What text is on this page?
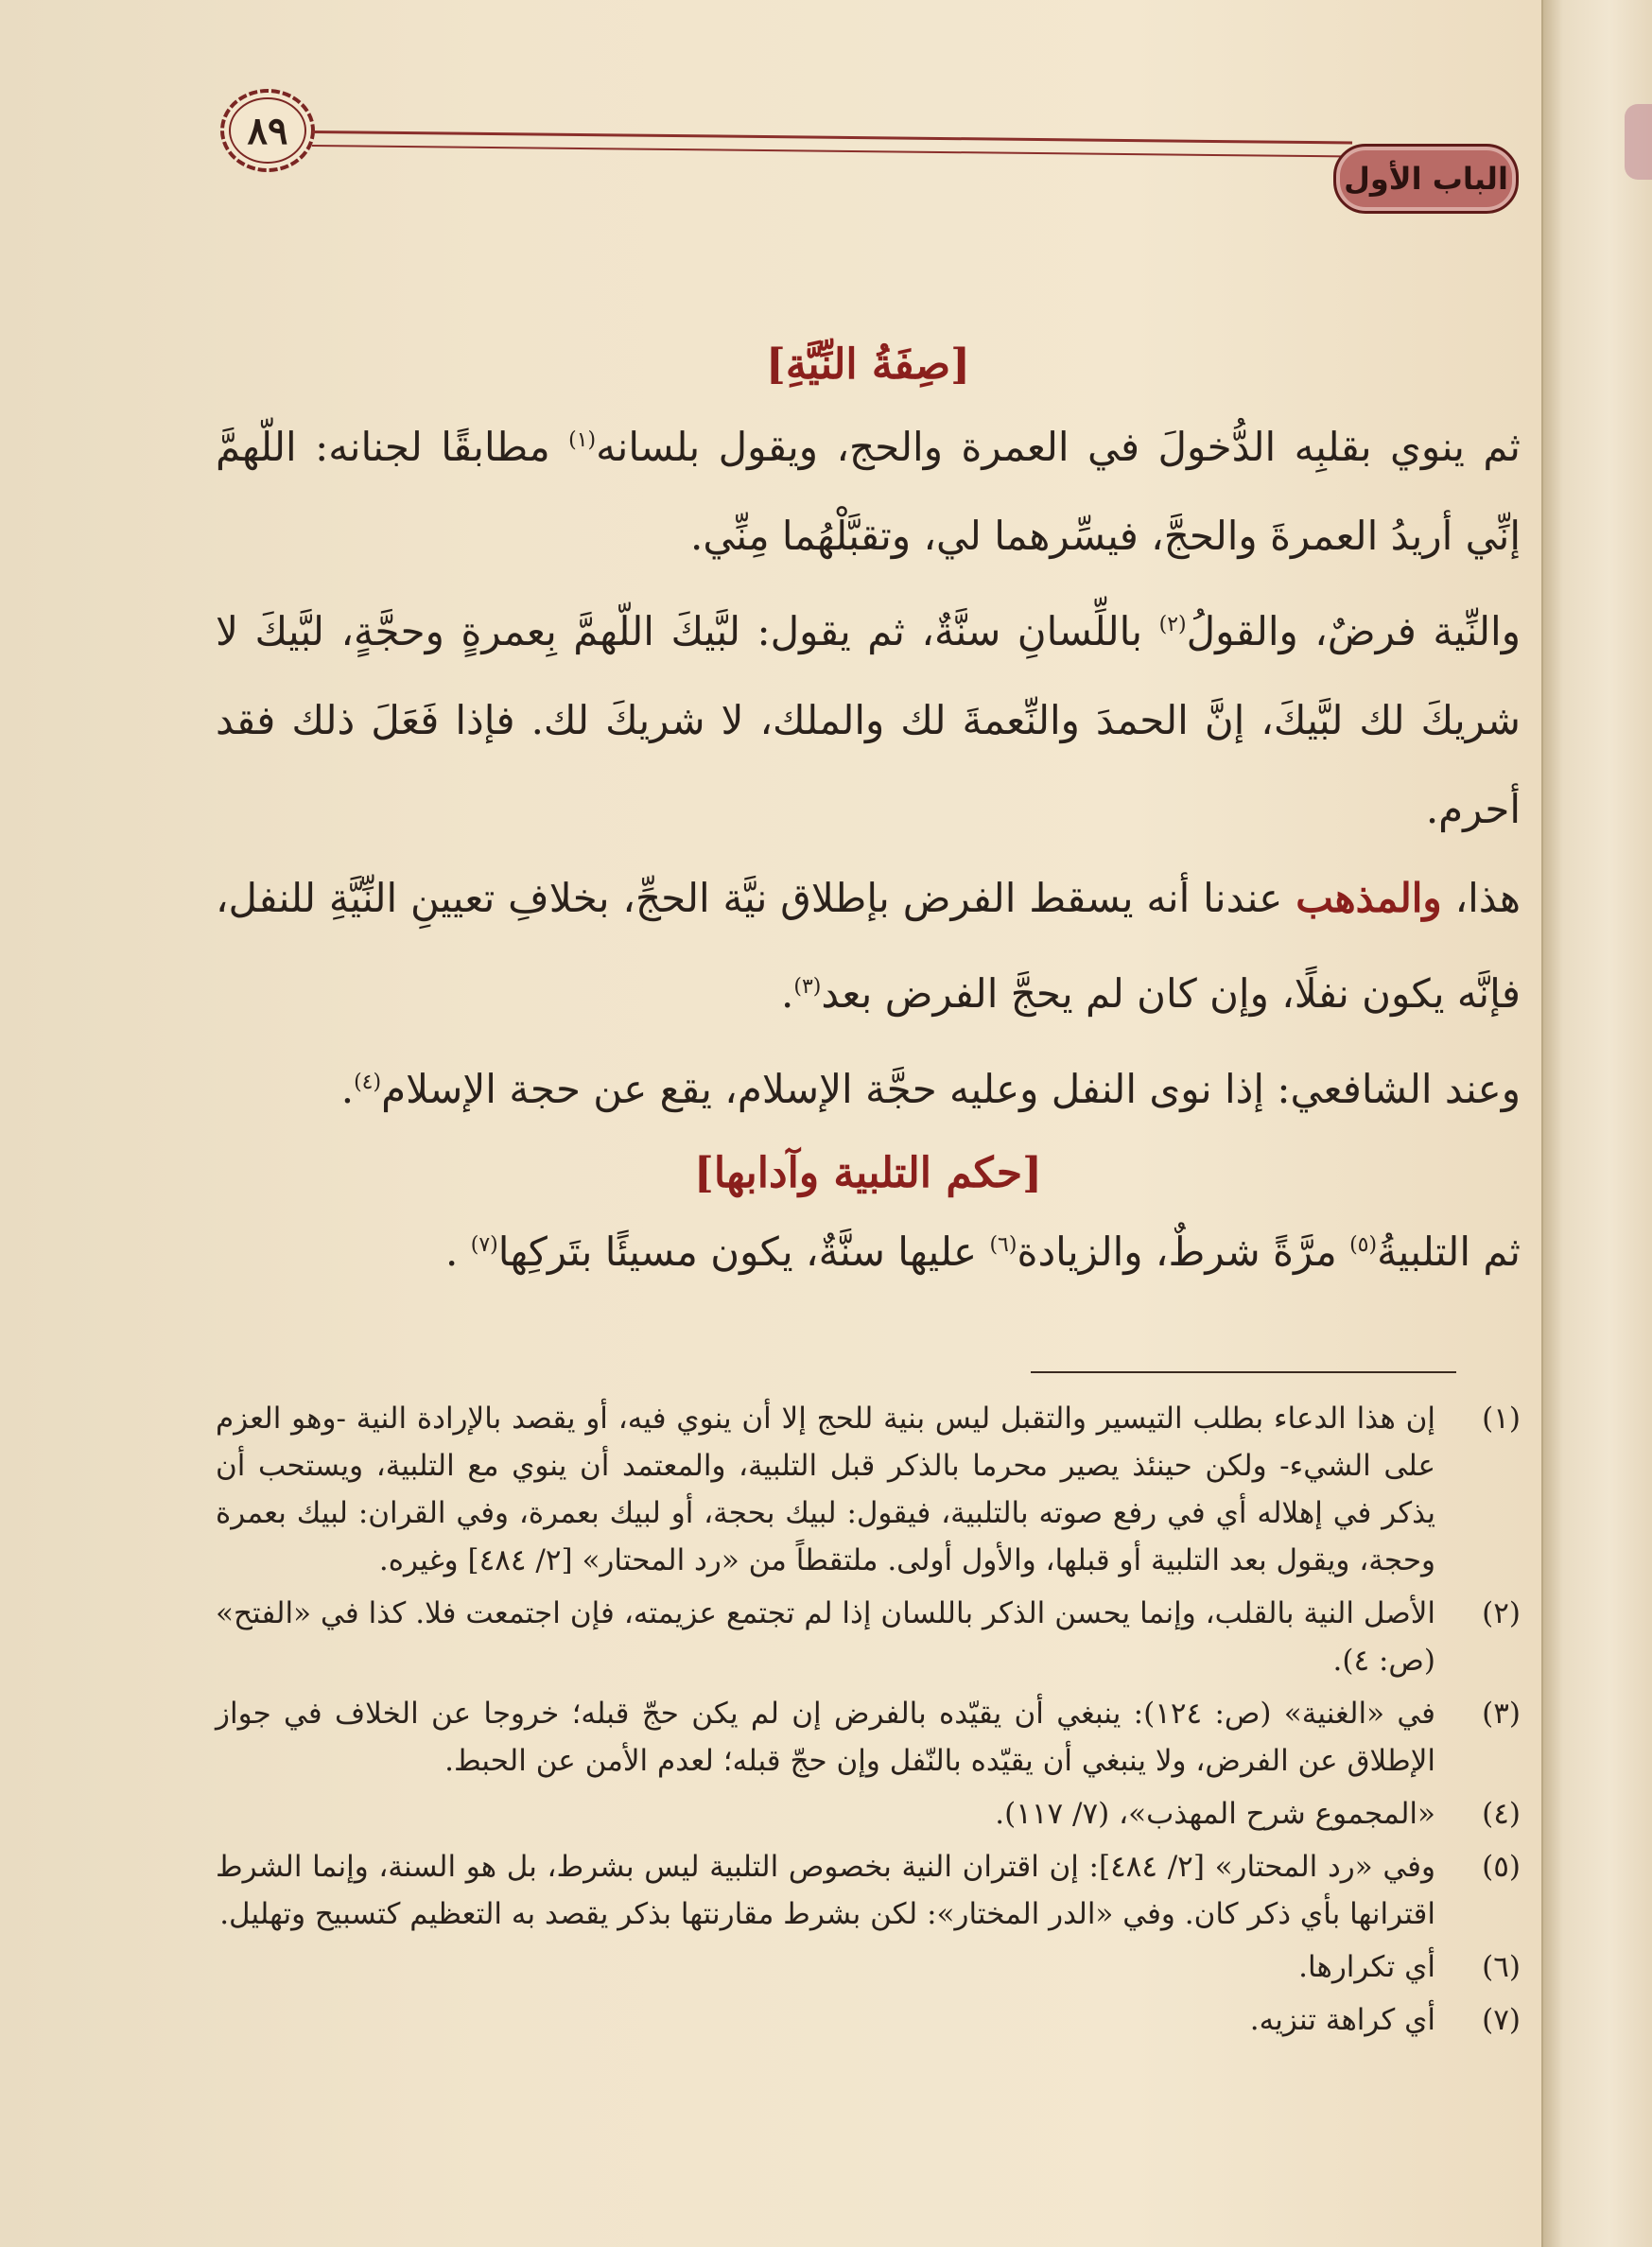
٨٩
الباب الأول

[صِفَةُ النِّيَّةِ]

ثم ينوي بقلبِه الدُّخولَ في العمرة والحج، ويقول بلسانه$^{(١)}$ مطابقًا لجنانه: اللّهمَّ إنِّي أريدُ العمرةَ والحجَّ، فيسِّرهما لي، وتقبَّلْهُما مِنِّي.

والنِّية فرضٌ، والقولُ$^{(٢)}$ باللِّسانِ سنَّةٌ، ثم يقول: لبَّيكَ اللّهمَّ بِعمرةٍ وحجَّةٍ، لبَّيكَ لا شريكَ لك لبَّيكَ، إنَّ الحمدَ والنِّعمةَ لك والملك، لا شريكَ لك. فإذا فَعَلَ ذلك فقد أحرم.

هذا، والمذهب عندنا أنه يسقط الفرض بإطلاق نيَّة الحجِّ، بخلافِ تعيينِ النِّيَّةِ للنفل، فإنَّه يكون نفلًا، وإن كان لم يحجَّ الفرض بعد$^{(٣)}$.

وعند الشافعي: إذا نوى النفل وعليه حجَّة الإسلام، يقع عن حجة الإسلام$^{(٤)}$.

[حكم التلبية وآدابها]

ثم التلبيةُ$^{(٥)}$ مرَّةً شرطٌ، والزيادة$^{(٦)}$ عليها سنَّةٌ، يكون مسيئًا بتَركِها$^{(٧)}$ .

(١)
إن هذا الدعاء بطلب التيسير والتقبل ليس بنية للحج إلا أن ينوي فيه، أو يقصد بالإرادة النية -وهو العزم على الشيء- ولكن حينئذ يصير محرما بالذكر قبل التلبية، والمعتمد أن ينوي مع التلبية، ويستحب أن يذكر في إهلاله أي في رفع صوته بالتلبية، فيقول: لبيك بحجة، أو لبيك بعمرة، وفي القران: لبيك بعمرة وحجة، ويقول بعد التلبية أو قبلها، والأول أولى. ملتقطاً من «رد المحتار» [٢/ ٤٨٤] وغيره.
(٢)
الأصل النية بالقلب، وإنما يحسن الذكر باللسان إذا لم تجتمع عزيمته، فإن اجتمعت فلا. كذا في «الفتح» (ص: ٤).
(٣)
في «الغنية» (ص: ١٢٤): ينبغي أن يقيّده بالفرض إن لم يكن حجّ قبله؛ خروجا عن الخلاف في جواز الإطلاق عن الفرض، ولا ينبغي أن يقيّده بالنّفل وإن حجّ قبله؛ لعدم الأمن عن الحبط.
(٤)
«المجموع شرح المهذب»، (٧/ ١١٧).
(٥)
وفي «رد المحتار» [٢/ ٤٨٤]: إن اقتران النية بخصوص التلبية ليس بشرط، بل هو السنة، وإنما الشرط اقترانها بأي ذكر كان. وفي «الدر المختار»: لكن بشرط مقارنتها بذكر يقصد به التعظيم كتسبيح وتهليل.
(٦)
أي تكرارها.
(٧)
أي كراهة تنزيه.
